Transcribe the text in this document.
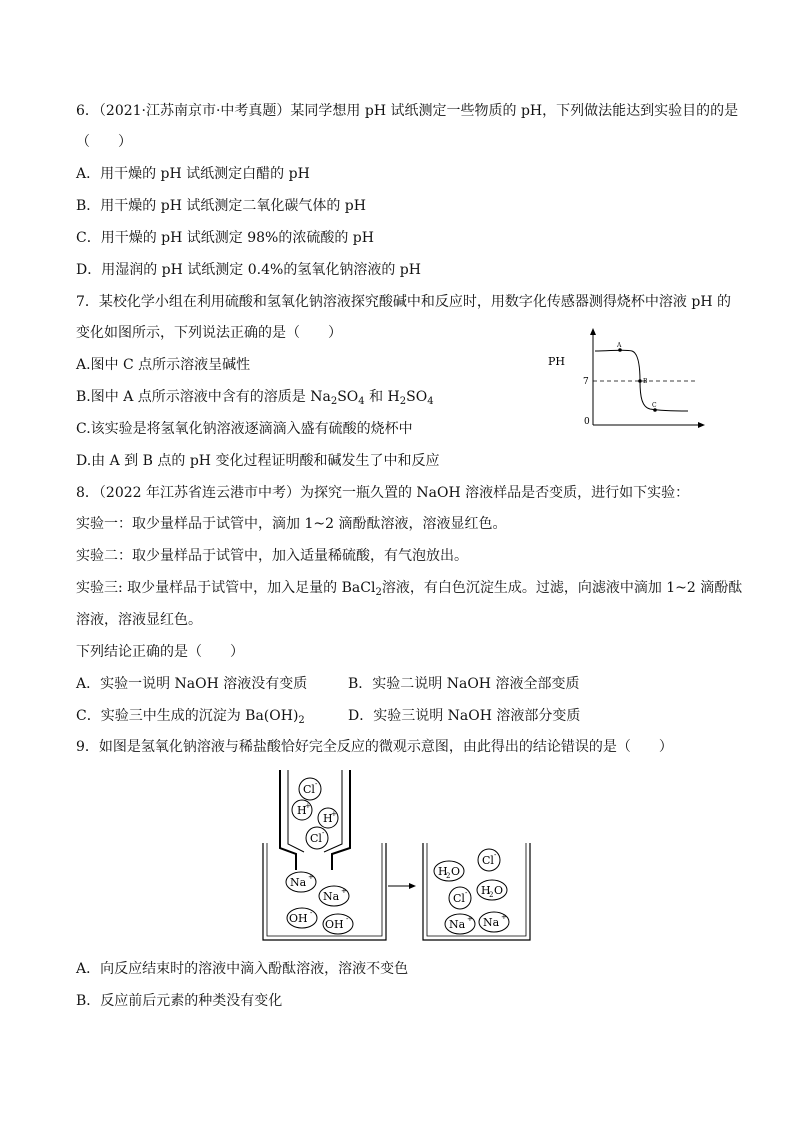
6．（2021·江苏南京市·中考真题）某同学想用 pH 试纸测定一些物质的 pH，下列做法能达到实验目的的是
（　　）
A．用干燥的 pH 试纸测定白醋的 pH
B．用干燥的 pH 试纸测定二氧化碳气体的 pH
C．用干燥的 pH 试纸测定 98%的浓硫酸的 pH
D．用湿润的 pH 试纸测定 0.4%的氢氧化钠溶液的 pH
7．某校化学小组在利用硫酸和氢氧化钠溶液探究酸碱中和反应时，用数字化传感器测得烧杯中溶液 pH 的
变化如图所示，下列说法正确的是（　　）
A.图中 C 点所示溶液呈碱性
B.图中 A 点所示溶液中含有的溶质是 $Na_2SO_4$ 和 $H_2SO_4$
C.该实验是将氢氧化钠溶液逐滴滴入盛有硫酸的烧杯中
D.由 A 到 B 点的 pH 变化过程证明酸和碱发生了中和反应
PH
7
0
A
B
C
8．（2022 年江苏省连云港市中考）为探究一瓶久置的 NaOH 溶液样品是否变质，进行如下实验：
实验一：取少量样品于试管中，滴加 1~2 滴酚酞溶液，溶液显红色。
实验二：取少量样品于试管中，加入适量稀硫酸，有气泡放出。
实验三: 取少量样品于试管中，加入足量的 BaCl$_2$溶液，有白色沉淀生成。过滤，向滤液中滴加 1~2 滴酚酞
溶液，溶液显红色。
下列结论正确的是（　　）
A．实验一说明 NaOH 溶液没有变质	B．实验二说明 NaOH 溶液全部变质
C．实验三中生成的沉淀为 $Ba(OH)_2$	D．实验三说明 NaOH 溶液部分变质
9．如图是氢氧化钠溶液与稀盐酸恰好完全反应的微观示意图，由此得出的结论错误的是（　　）
Cl -
H
+
H
+
Cl -
Na +
Na +
OH -
OH -
Cl -
H
2 O
H
2 O
Cl -
Na + Na +
A．向反应结束时的溶液中滴入酚酞溶液，溶液不变色
B．反应前后元素的种类没有变化
